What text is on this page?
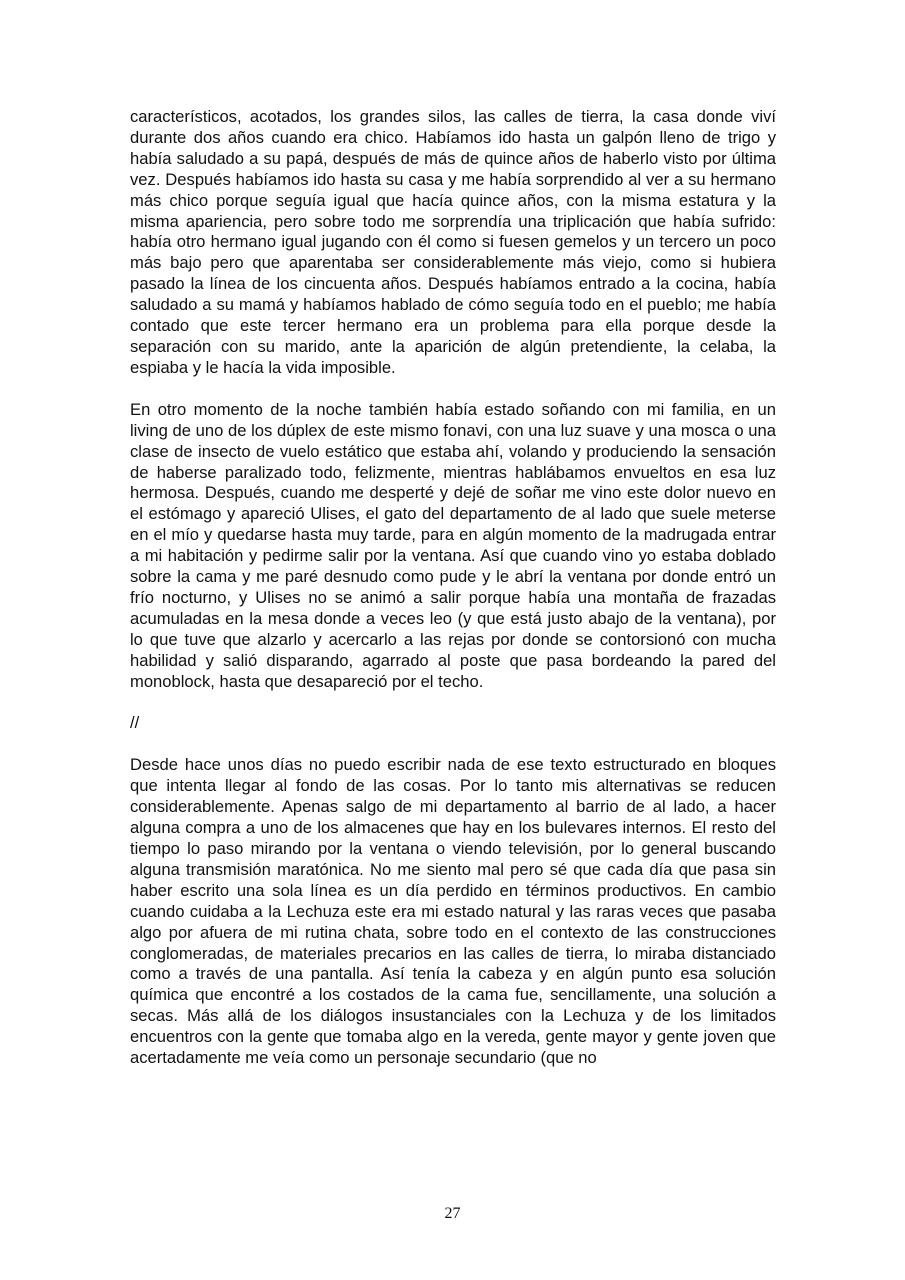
característicos, acotados, los grandes silos, las calles de tierra, la casa donde viví durante dos años cuando era chico. Habíamos ido hasta un galpón lleno de trigo y había saludado a su papá, después de más de quince años de haberlo visto por última vez. Después habíamos ido hasta su casa y me había sorprendido al ver a su hermano más chico porque seguía igual que hacía quince años, con la misma estatura y la misma apariencia, pero sobre todo me sorprendía una triplicación que había sufrido: había otro hermano igual jugando con él como si fuesen gemelos y un tercero un poco más bajo pero que aparentaba ser considerablemente más viejo, como si hubiera pasado la línea de los cincuenta años. Después habíamos entrado a la cocina, había saludado a su mamá y habíamos hablado de cómo seguía todo en el pueblo; me había contado que este tercer hermano era un problema para ella porque desde la separación con su marido, ante la aparición de algún pretendiente, la celaba, la espiaba y le hacía la vida imposible.

En otro momento de la noche también había estado soñando con mi familia, en un living de uno de los dúplex de este mismo fonavi, con una luz suave y una mosca o una clase de insecto de vuelo estático que estaba ahí, volando y produciendo la sensación de haberse paralizado todo, felizmente, mientras hablábamos envueltos en esa luz hermosa. Después, cuando me desperté y dejé de soñar me vino este dolor nuevo en el estómago y apareció Ulises, el gato del departamento de al lado que suele meterse en el mío y quedarse hasta muy tarde, para en algún momento de la madrugada entrar a mi habitación y pedirme salir por la ventana. Así que cuando vino yo estaba doblado sobre la cama y me paré desnudo como pude y le abrí la ventana por donde entró un frío nocturno, y Ulises no se animó a salir porque había una montaña de frazadas acumuladas en la mesa donde a veces leo (y que está justo abajo de la ventana), por lo que tuve que alzarlo y acercarlo a las rejas por donde se contorsionó con mucha habilidad y salió disparando, agarrado al poste que pasa bordeando la pared del monoblock, hasta que desapareció por el techo.

//

Desde hace unos días no puedo escribir nada de ese texto estructurado en bloques que intenta llegar al fondo de las cosas. Por lo tanto mis alternativas se reducen considerablemente. Apenas salgo de mi departamento al barrio de al lado, a hacer alguna compra a uno de los almacenes que hay en los bulevares internos. El resto del tiempo lo paso mirando por la ventana o viendo televisión, por lo general buscando alguna transmisión maratónica. No me siento mal pero sé que cada día que pasa sin haber escrito una sola línea es un día perdido en términos productivos. En cambio cuando cuidaba a la Lechuza este era mi estado natural y las raras veces que pasaba algo por afuera de mi rutina chata, sobre todo en el contexto de las construcciones conglomeradas, de materiales precarios en las calles de tierra, lo miraba distanciado como a través de una pantalla. Así tenía la cabeza y en algún punto esa solución química que encontré a los costados de la cama fue, sencillamente, una solución a secas. Más allá de los diálogos insustanciales con la Lechuza y de los limitados encuentros con la gente que tomaba algo en la vereda, gente mayor y gente joven que acertadamente me veía como un personaje secundario (que no

27
